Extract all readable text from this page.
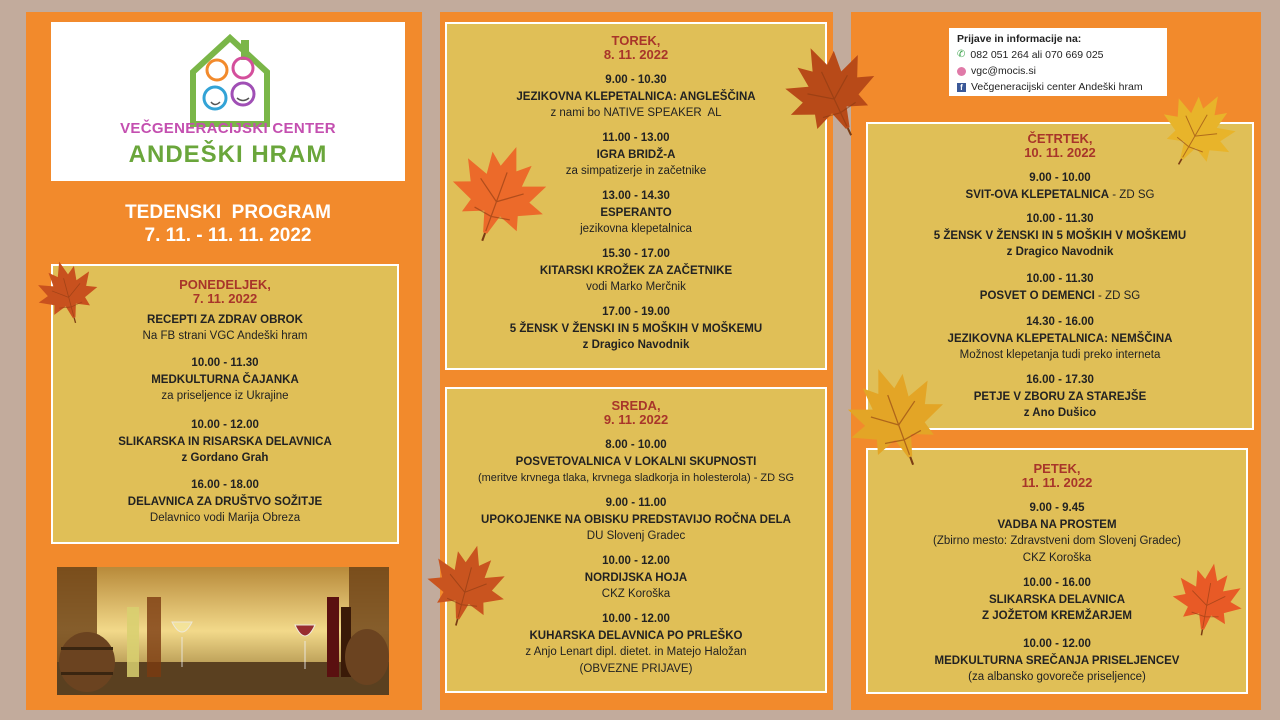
VEČGENERACIJSKI CENTER
ANDEŠKI HRAM
TEDENSKI  PROGRAM
7. 11. - 11. 11. 2022
PONEDELJEK,
7. 11. 2022
RECEPTI ZA ZDRAV OBROK
Na FB strani VGC Andeški hram
10.00 - 11.30
MEDKULTURNA ČAJANKA
za priseljence iz Ukrajine
10.00 - 12.00
SLIKARSKA IN RISARSKA DELAVNICA
z Gordano Grah
16.00 - 18.00
DELAVNICA ZA DRUŠTVO SOŽITJE
Delavnico vodi Marija Obreza
TOREK,
8. 11. 2022
9.00 - 10.30
JEZIKOVNA KLEPETALNICA: ANGLEŠČINA
z nami bo NATIVE SPEAKER  AL
11.00 - 13.00
IGRA BRIDŽ-A
za simpatizerje in začetnike
13.00 - 14.30
ESPERANTO
jezikovna klepetalnica
15.30 - 17.00
KITARSKI KROŽEK ZA ZAČETNIKE
vodi Marko Merčnik
17.00 - 19.00
5 ŽENSK V ŽENSKI IN 5 MOŠKIH V MOŠKEMU
z Dragico Navodnik
SREDA,
9. 11. 2022
8.00 - 10.00
POSVETOVALNICA V LOKALNI SKUPNOSTI
(meritve krvnega tlaka, krvnega sladkorja in holesterola) - ZD SG
9.00 - 11.00
UPOKOJENKE NA OBISKU PREDSTAVIJO ROČNA DELA
DU Slovenj Gradec
10.00 - 12.00
NORDIJSKA HOJA
CKZ Koroška
10.00 - 12.00
KUHARSKA DELAVNICA PO PRLEŠKO
z Anjo Lenart dipl. dietet. in Matejo Haložan
(OBVEZNE PRIJAVE)
Prijave in informacije na:
✆ 082 051 264 ali 070 669 025
vgc@mocis.si
f Večgeneracijski center Andeški hram
ČETRTEK,
10. 11. 2022
9.00 - 10.00
SVIT-OVA KLEPETALNICA - ZD SG
10.00 - 11.30
5 ŽENSK V ŽENSKI IN 5 MOŠKIH V MOŠKEMU
z Dragico Navodnik
10.00 - 11.30
POSVET O DEMENCI - ZD SG
14.30 - 16.00
JEZIKOVNA KLEPETALNICA: NEMŠČINA
Možnost klepetanja tudi preko interneta
16.00 - 17.30
PETJE V ZBORU ZA STAREJŠE
z Ano Dušico
PETEK,
11. 11. 2022
9.00 - 9.45
VADBA NA PROSTEM
(Zbirno mesto: Zdravstveni dom Slovenj Gradec)
CKZ Koroška
10.00 - 16.00
SLIKARSKA DELAVNICA
Z JOŽETOM KREMŽARJEM
10.00 - 12.00
MEDKULTURNA SREČANJA PRISELJENCEV
(za albansko govoreče priseljence)
